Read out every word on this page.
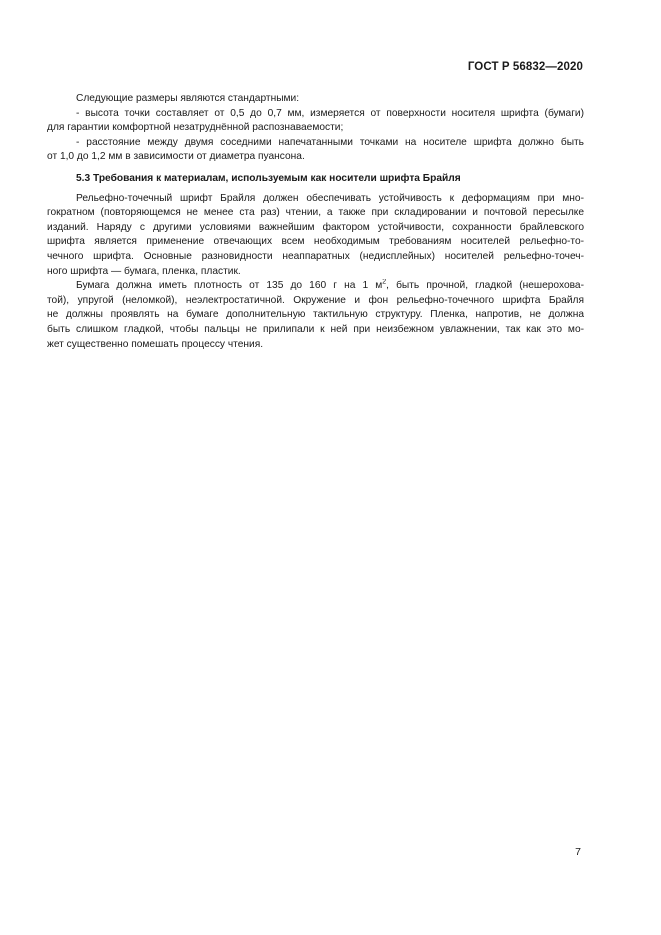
ГОСТ Р 56832—2020
Следующие размеры являются стандартными:
- высота точки составляет от 0,5 до 0,7 мм, измеряется от поверхности носителя шрифта (бумаги)
для гарантии комфортной незатруднённой распознаваемости;
- расстояние между двумя соседними напечатанными точками на носителе шрифта должно быть
от 1,0 до 1,2 мм в зависимости от диаметра пуансона.
5.3 Требования к материалам, используемым как носители шрифта Брайля
Рельефно-точечный шрифт Брайля должен обеспечивать устойчивость к деформациям при мно-
гократном (повторяющемся не менее ста раз) чтении, а также при складировании и почтовой пересылке
изданий. Наряду с другими условиями важнейшим фактором устойчивости, сохранности брайлевского
шрифта является применение отвечающих всем необходимым требованиям носителей рельефно-то-
чечного шрифта. Основные разновидности неаппаратных (недисплейных) носителей рельефно-точеч-
ного шрифта — бумага, пленка, пластик.
Бумага должна иметь плотность от 135 до 160 г на 1 $м^2$, быть прочной, гладкой (нешерохова-
той), упругой (неломкой), неэлектростатичной. Окружение и фон рельефно-точечного шрифта Брайля
не должны проявлять на бумаге дополнительную тактильную структуру. Пленка, напротив, не должна
быть слишком гладкой, чтобы пальцы не прилипали к ней при неизбежном увлажнении, так как это мо-
жет существенно помешать процессу чтения.
7
